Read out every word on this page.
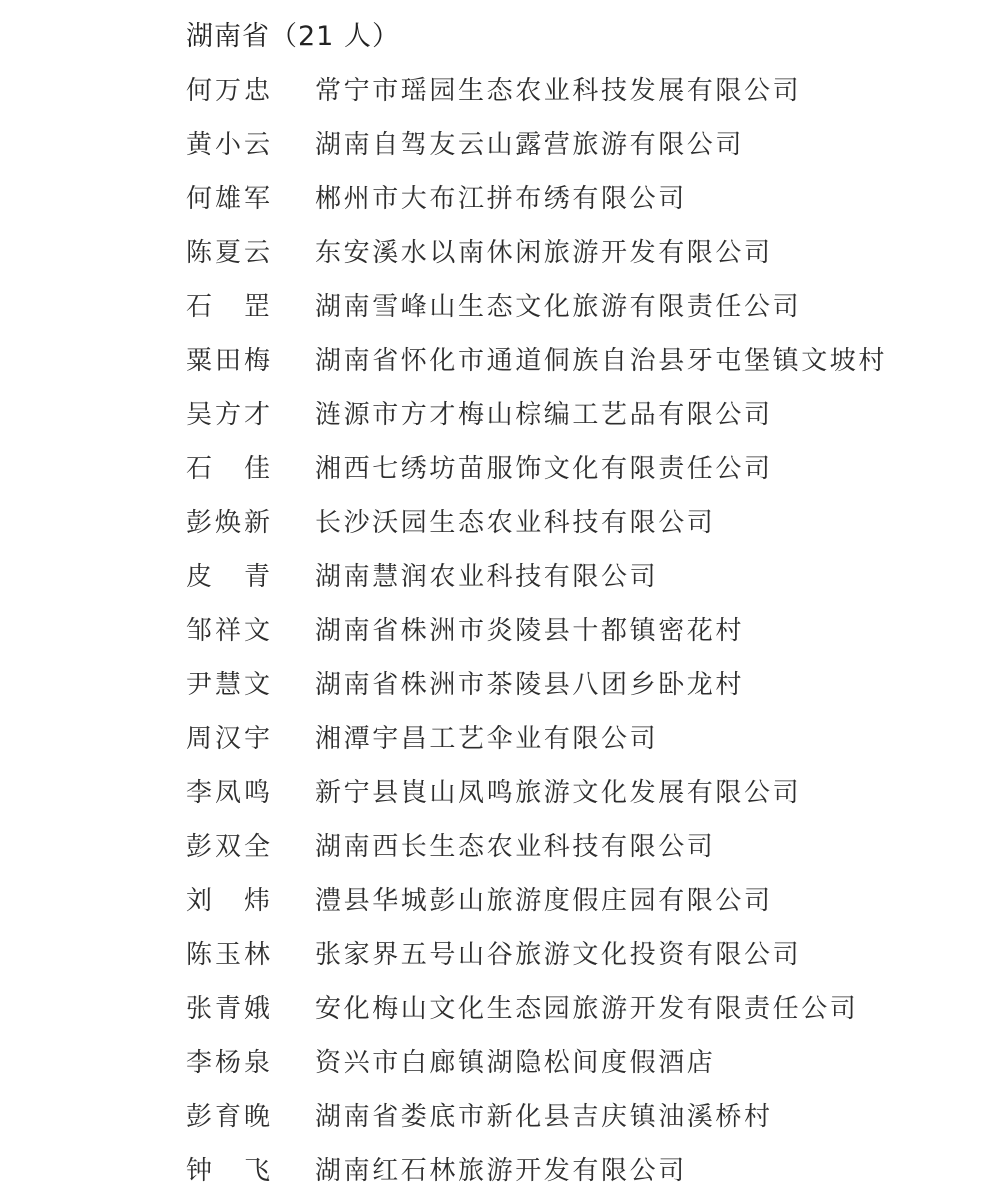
湖南省（21 人）
何万忠 常宁市瑶园生态农业科技发展有限公司
黄小云 湖南自驾友云山露营旅游有限公司
何雄军 郴州市大布江拼布绣有限公司
陈夏云 东安溪水以南休闲旅游开发有限公司
石 罡 湖南雪峰山生态文化旅游有限责任公司
粟田梅 湖南省怀化市通道侗族自治县牙屯堡镇文坡村
吴方才 涟源市方才梅山棕编工艺品有限公司
石 佳 湘西七绣坊苗服饰文化有限责任公司
彭焕新 长沙沃园生态农业科技有限公司
皮 青 湖南慧润农业科技有限公司
邹祥文 湖南省株洲市炎陵县十都镇密花村
尹慧文 湖南省株洲市茶陵县八团乡卧龙村
周汉宇 湘潭宇昌工艺伞业有限公司
李凤鸣 新宁县崀山凤鸣旅游文化发展有限公司
彭双全 湖南西长生态农业科技有限公司
刘 炜 澧县华城彭山旅游度假庄园有限公司
陈玉林 张家界五号山谷旅游文化投资有限公司
张青娥 安化梅山文化生态园旅游开发有限责任公司
李杨泉 资兴市白廊镇湖隐松间度假酒店
彭育晚 湖南省娄底市新化县吉庆镇油溪桥村
钟 飞 湖南红石林旅游开发有限公司
